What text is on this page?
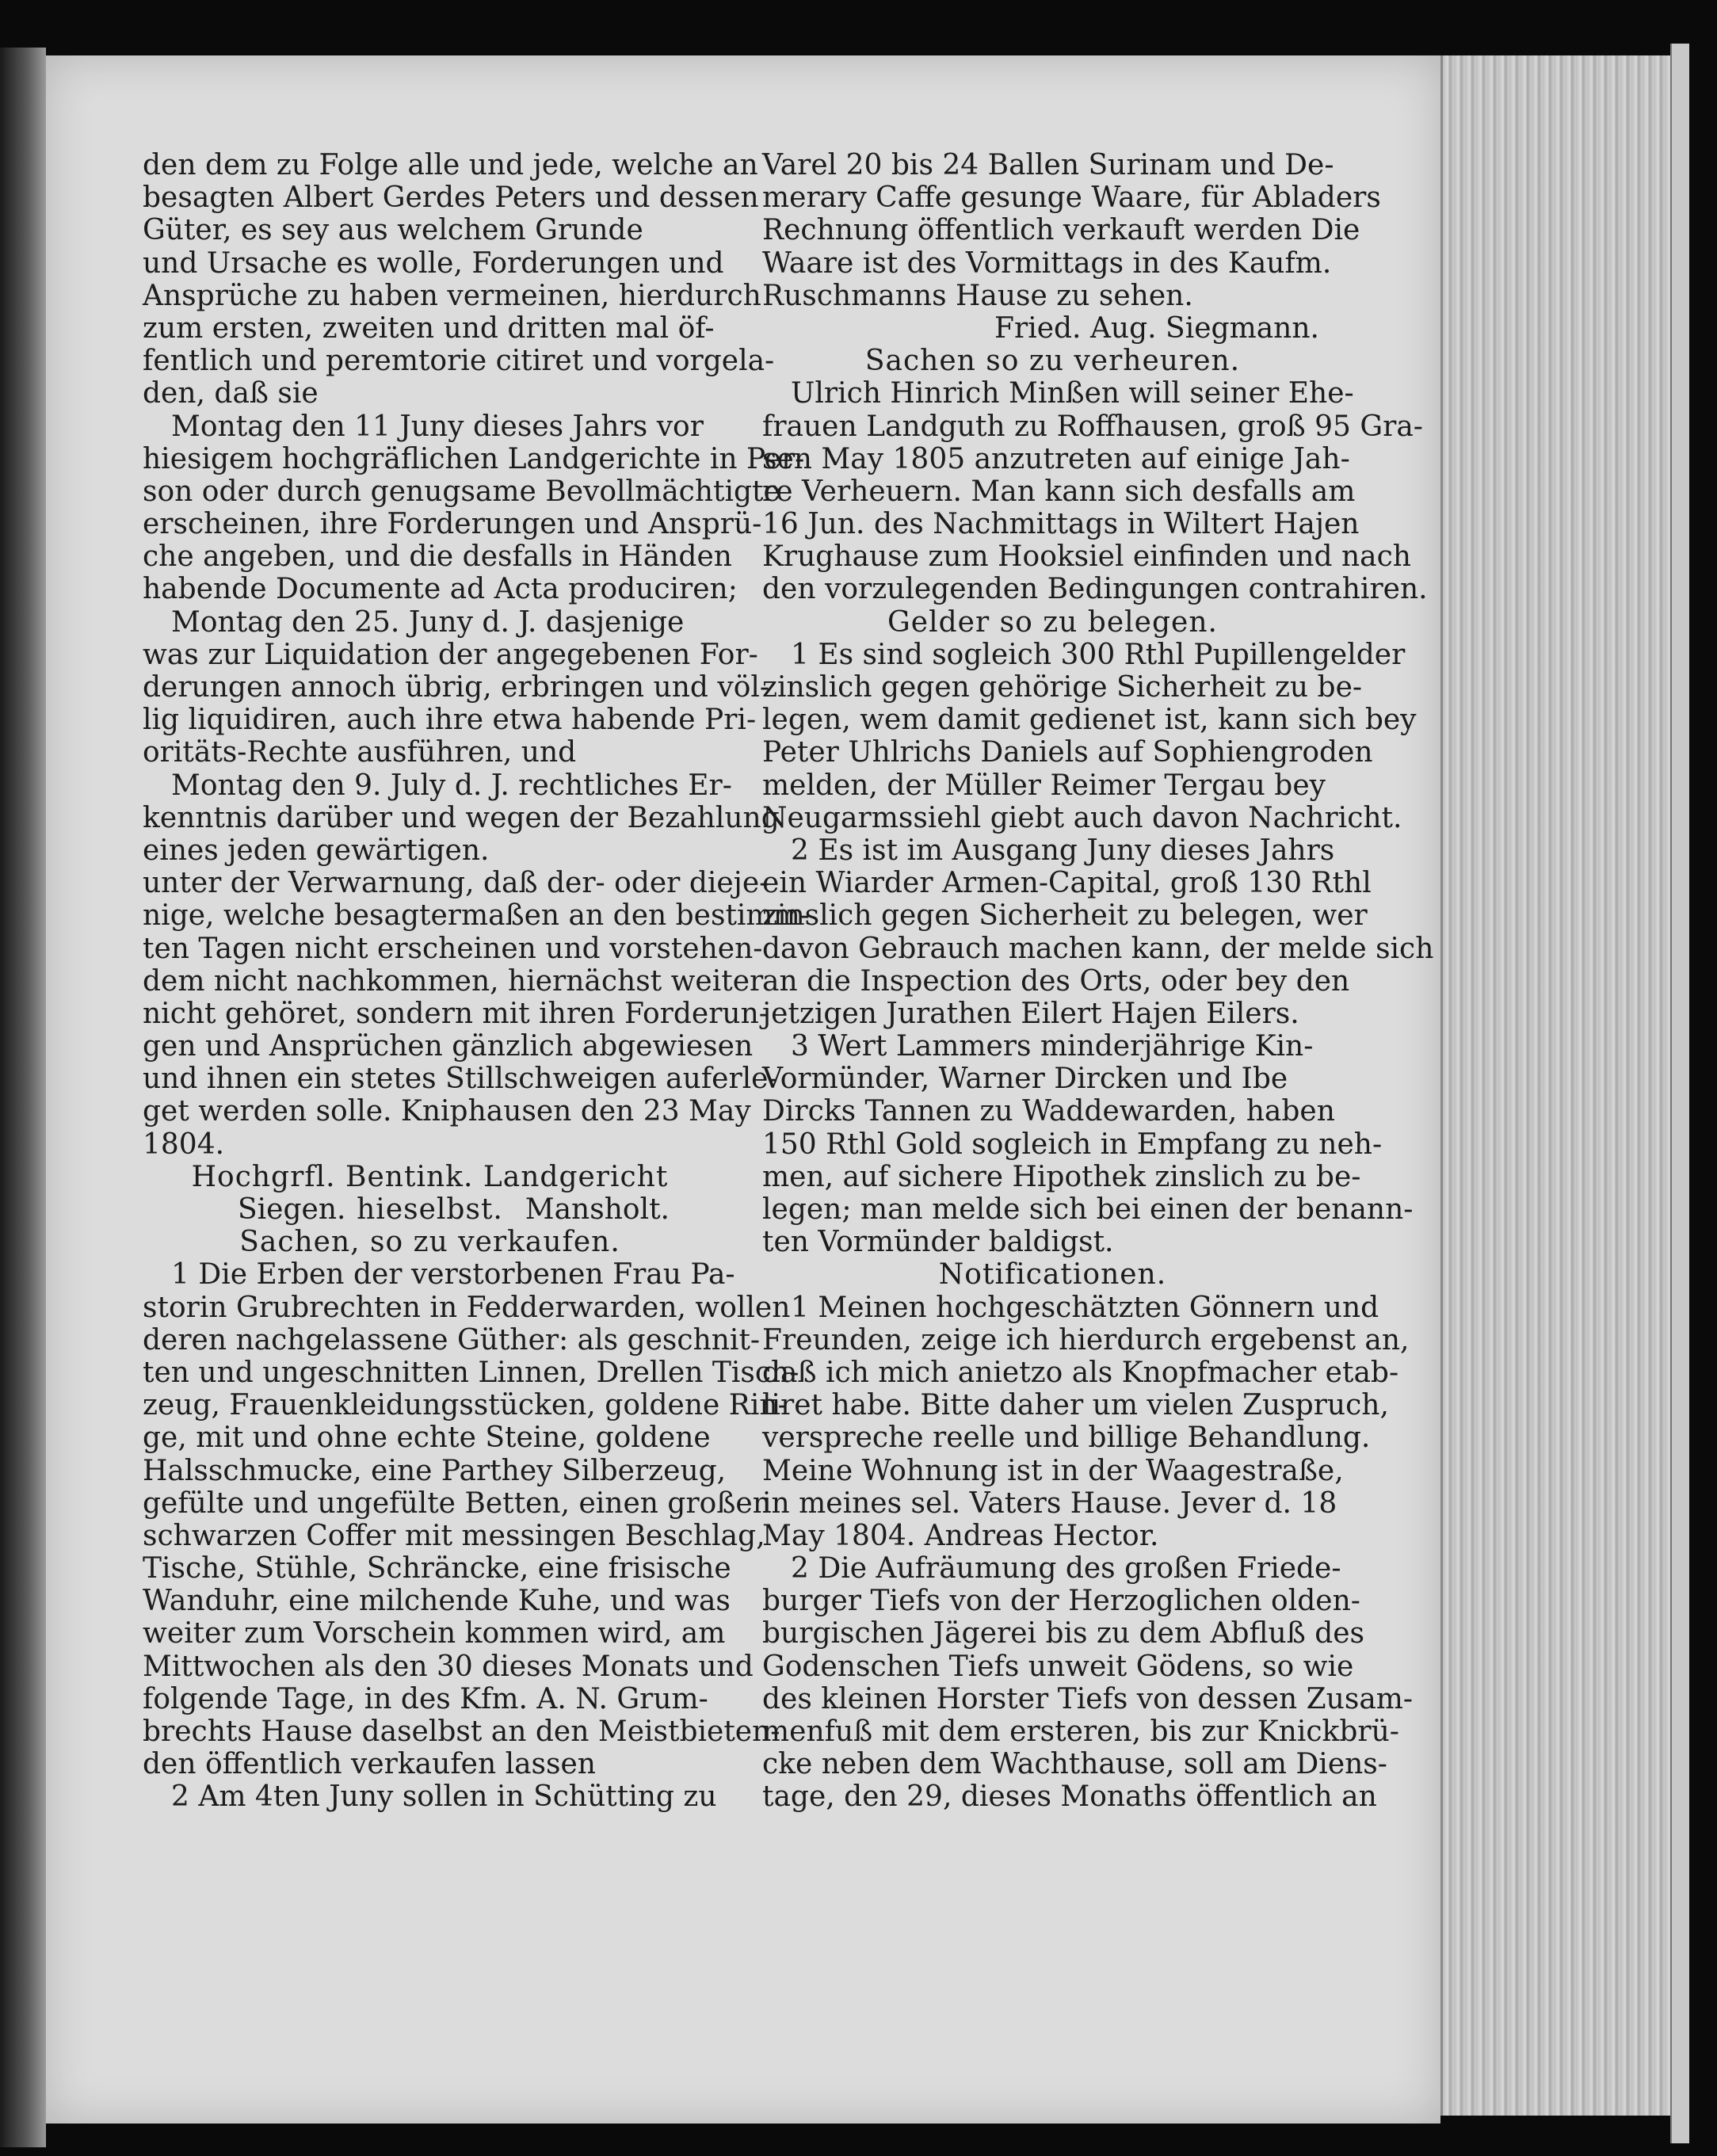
den dem zu Folge alle und jede, welche an
besagten Albert Gerdes Peters und dessen
Güter, es sey aus welchem Grunde
und Ursache es wolle, Forderungen und
Ansprüche zu haben vermeinen, hierdurch
zum ersten, zweiten und dritten mal öf-
fentlich und peremtorie citiret und vorgela-
den, daß sie
Montag den 11 Juny dieses Jahrs vor
hiesigem hochgräflichen Landgerichte in Per-
son oder durch genugsame Bevollmächtigte
erscheinen, ihre Forderungen und Ansprü-
che angeben, und die desfalls in Händen
habende Documente ad Acta produciren;
Montag den 25. Juny d. J. dasjenige
was zur Liquidation der angegebenen For-
derungen annoch übrig, erbringen und völ-
lig liquidiren, auch ihre etwa habende Pri-
oritäts-Rechte ausführen, und
Montag den 9. July d. J. rechtliches Er-
kenntnis darüber und wegen der Bezahlung
eines jeden gewärtigen.
unter der Verwarnung, daß der- oder dieje-
nige, welche besagtermaßen an den bestimm-
ten Tagen nicht erscheinen und vorstehen-
dem nicht nachkommen, hiernächst weiter
nicht gehöret, sondern mit ihren Forderun-
gen und Ansprüchen gänzlich abgewiesen
und ihnen ein stetes Stillschweigen auferle-
get werden solle. Kniphausen den 23 May
1804.
Hochgrfl. Bentink. Landgericht hieselbst.
Siegen.	Mansholt.
Sachen, so zu verkaufen.
1 Die Erben der verstorbenen Frau Pa-
storin Grubrechten in Fedderwarden, wollen
deren nachgelassene Güther: als geschnit-
ten und ungeschnitten Linnen, Drellen Tisch-
zeug, Frauenkleidungsstücken, goldene Rin-
ge, mit und ohne echte Steine, goldene
Halsschmucke, eine Parthey Silberzeug,
gefülte und ungefülte Betten, einen großen
schwarzen Coffer mit messingen Beschlag,
Tische, Stühle, Schräncke, eine frisische
Wanduhr, eine milchende Kuhe, und was
weiter zum Vorschein kommen wird, am
Mittwochen als den 30 dieses Monats und
folgende Tage, in des Kfm. A. N. Grum-
brechts Hause daselbst an den Meistbieten-
den öffentlich verkaufen lassen
2 Am 4ten Juny sollen in Schütting zu
Varel 20 bis 24 Ballen Surinam und De-
merary Caffe gesunge Waare, für Abladers
Rechnung öffentlich verkauft werden Die
Waare ist des Vormittags in des Kaufm.
Ruschmanns Hause zu sehen.
Fried. Aug. Siegmann.
Sachen so zu verheuren.
Ulrich Hinrich Minßen will seiner Ehe-
frauen Landguth zu Roffhausen, groß 95 Gra-
sen May 1805 anzutreten auf einige Jah-
re Verheuern. Man kann sich desfalls am
16 Jun. des Nachmittags in Wiltert Hajen
Krughause zum Hooksiel einfinden und nach
den vorzulegenden Bedingungen contrahiren.
Gelder so zu belegen.
1 Es sind sogleich 300 Rthl Pupillengelder
zinslich gegen gehörige Sicherheit zu be-
legen, wem damit gedienet ist, kann sich bey
Peter Uhlrichs Daniels auf Sophiengroden
melden, der Müller Reimer Tergau bey
Neugarmssiehl giebt auch davon Nachricht.
2 Es ist im Ausgang Juny dieses Jahrs
ein Wiarder Armen-Capital, groß 130 Rthl
zinslich gegen Sicherheit zu belegen, wer
davon Gebrauch machen kann, der melde sich
an die Inspection des Orts, oder bey den
jetzigen Jurathen Eilert Hajen Eilers.
3 Wert Lammers minderjährige Kin-
Vormünder, Warner Dircken und Ibe
Dircks Tannen zu Waddewarden, haben
150 Rthl Gold sogleich in Empfang zu neh-
men, auf sichere Hipothek zinslich zu be-
legen; man melde sich bei einen der benann-
ten Vormünder baldigst.
Notificationen.
1 Meinen hochgeschätzten Gönnern und
Freunden, zeige ich hierdurch ergebenst an,
daß ich mich anietzo als Knopfmacher etab-
liret habe. Bitte daher um vielen Zuspruch,
verspreche reelle und billige Behandlung.
Meine Wohnung ist in der Waagestraße,
in meines sel. Vaters Hause. Jever d. 18
May 1804. Andreas Hector.
2 Die Aufräumung des großen Friede-
burger Tiefs von der Herzoglichen olden-
burgischen Jägerei bis zu dem Abfluß des
Godenschen Tiefs unweit Gödens, so wie
des kleinen Horster Tiefs von dessen Zusam-
menfuß mit dem ersteren, bis zur Knickbrü-
cke neben dem Wachthause, soll am Diens-
tage, den 29, dieses Monaths öffentlich an
